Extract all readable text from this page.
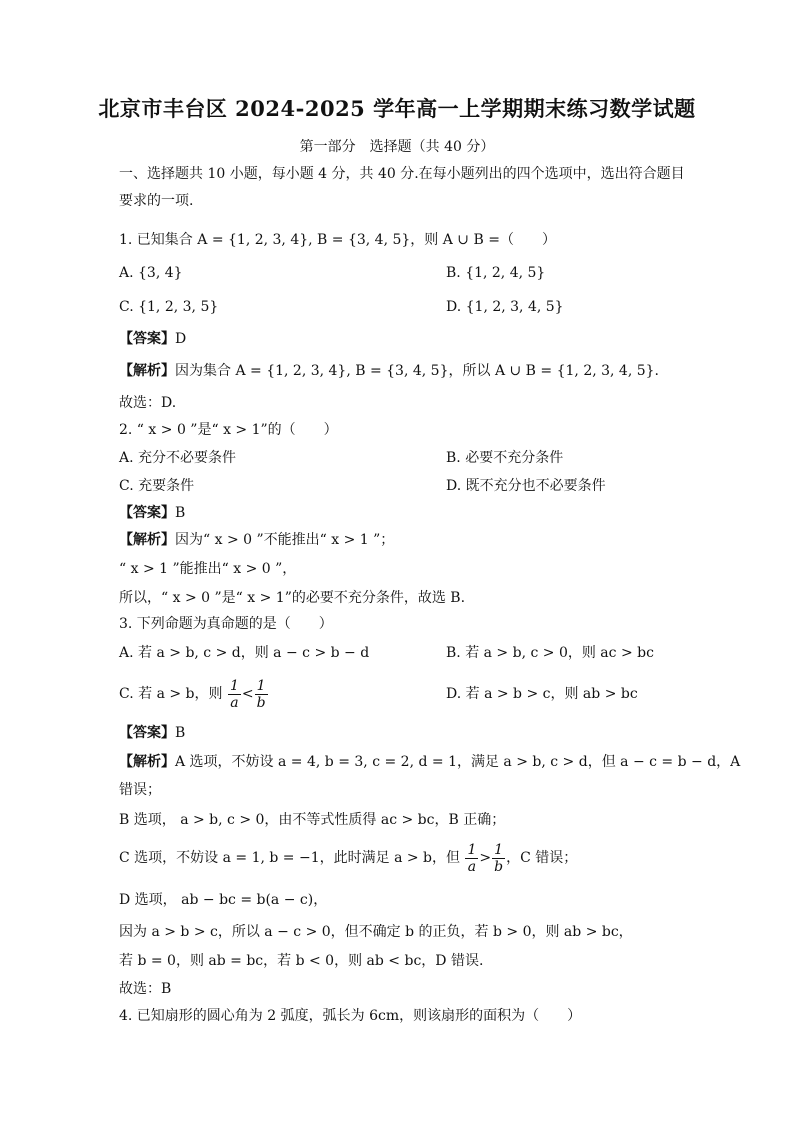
北京市丰台区 2024-2025 学年高一上学期期末练习数学试题
第一部分　选择题（共 40 分）
一、选择题共 10 小题，每小题 4 分，共 40 分.在每小题列出的四个选项中，选出符合题目
要求的一项.
1. 已知集合 A = {1, 2, 3, 4}, B = {3, 4, 5}，则 A ∪ B =（　　）
A. {3, 4}	B. {1, 2, 4, 5}
C. {1, 2, 3, 5}	D. {1, 2, 3, 4, 5}
【答案】D
【解析】因为集合 A = {1, 2, 3, 4}, B = {3, 4, 5}，所以 A ∪ B = {1, 2, 3, 4, 5}.
故选：D.
2. “ x > 0 ”是“ x > 1”的（　　）
A. 充分不必要条件	B. 必要不充分条件
C. 充要条件	D. 既不充分也不必要条件
【答案】B
【解析】因为“ x > 0 ”不能推出“ x > 1 ”；
“ x > 1 ”能推出“ x > 0 ”，
所以，“ x > 0 ”是“ x > 1”的必要不充分条件，故选 B.
3. 下列命题为真命题的是（　　）
A. 若 a > b, c > d，则 a − c > b − d	B. 若 a > b, c > 0，则 ac > bc
C. 若 a > b，则 $\frac{1}{a} < \frac{1}{b}$	D. 若 a > b > c，则 ab > bc
【答案】B
【解析】A 选项，不妨设 a = 4, b = 3, c = 2, d = 1，满足 a > b, c > d，但 a − c = b − d，A
错误；
B 选项， a > b, c > 0，由不等式性质得 ac > bc，B 正确；
C 选项，不妨设 a = 1, b = −1，此时满足 a > b，但 $\frac{1}{a} > \frac{1}{b}$ ，C 错误；
D 选项， ab − bc = b(a − c)，
因为 a > b > c，所以 a − c > 0，但不确定 b 的正负，若 b > 0，则 ab > bc，
若 b = 0，则 ab = bc，若 b < 0，则 ab < bc，D 错误.
故选：B
4. 已知扇形的圆心角为 2 弧度，弧长为 6cm，则该扇形的面积为（　　）
